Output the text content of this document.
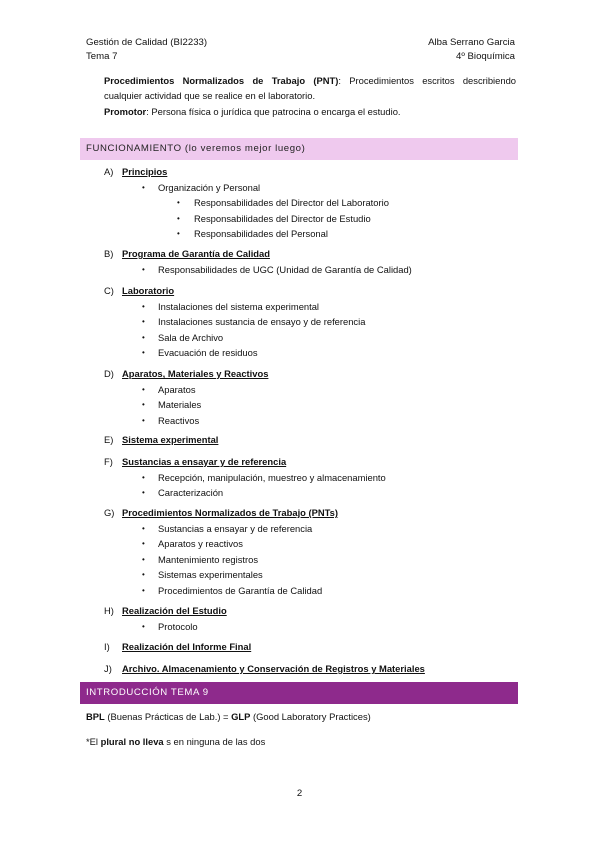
Gestión de Calidad (BI2233)
Tema 7
Alba Serrano Garcia
4º Bioquímica
Procedimientos Normalizados de Trabajo (PNT): Procedimientos escritos describiendo cualquier actividad que se realice en el laboratorio.
Promotor: Persona física o jurídica que patrocina o encarga el estudio.
FUNCIONAMIENTO (lo veremos mejor luego)
A) Principios
• Organización y Personal
• Responsabilidades del Director del Laboratorio
• Responsabilidades del Director de Estudio
• Responsabilidades del Personal
B) Programa de Garantía de Calidad
• Responsabilidades de UGC (Unidad de Garantía de Calidad)
C) Laboratorio
• Instalaciones del sistema experimental
• Instalaciones sustancia de ensayo y de referencia
• Sala de Archivo
• Evacuación de residuos
D) Aparatos, Materiales y Reactivos
• Aparatos
• Materiales
• Reactivos
E) Sistema experimental
F) Sustancias a ensayar y de referencia
• Recepción, manipulación, muestreo y almacenamiento
• Caracterización
G) Procedimientos Normalizados de Trabajo (PNTs)
• Sustancias a ensayar y de referencia
• Aparatos y reactivos
• Mantenimiento registros
• Sistemas experimentales
• Procedimientos de Garantía de Calidad
H) Realización del Estudio
• Protocolo
I) Realización del Informe Final
J) Archivo. Almacenamiento y Conservación de Registros y Materiales
INTRODUCCIÓN TEMA 9
BPL (Buenas Prácticas de Lab.) = GLP (Good Laboratory Practices)
*El plural no lleva s en ninguna de las dos
2
